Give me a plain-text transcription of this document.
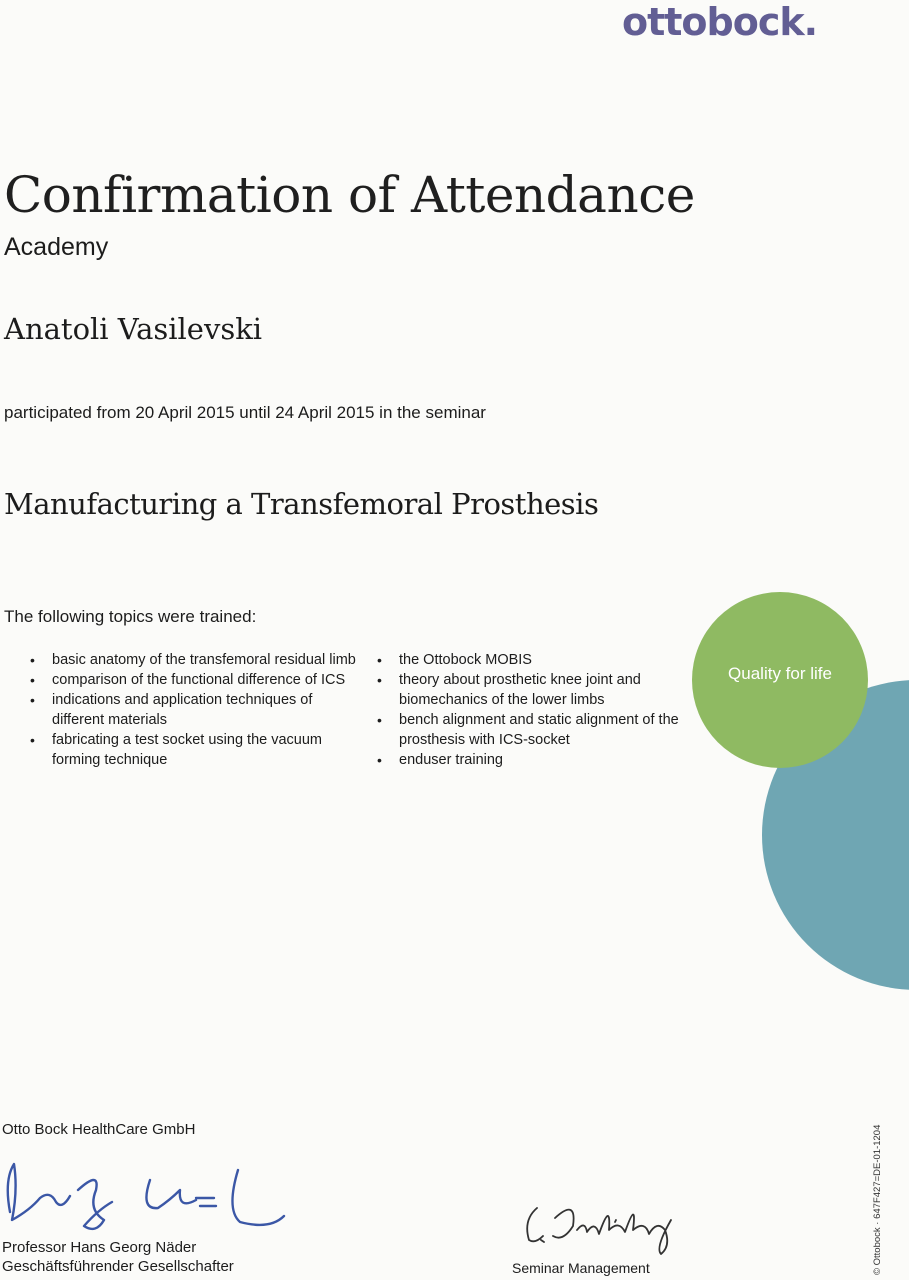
ottobock.
Confirmation of Attendance
Academy
Anatoli Vasilevski
participated from 20 April 2015 until 24 April 2015 in the seminar
Manufacturing a Transfemoral Prosthesis
The following topics were trained:
• basic anatomy of the transfemoral residual limb
• comparison of the functional difference of ICS
• indications and application techniques of different materials
• fabricating a test socket using the vacuum forming technique
• the Ottobock MOBIS
• theory about prosthetic knee joint and biomechanics of the lower limbs
• bench alignment and static alignment of the prosthesis with ICS-socket
• enduser training
Quality for life
Otto Bock HealthCare GmbH
Professor Hans Georg Näder
Geschäftsführender Gesellschafter	Seminar Management	© Ottobock · 647F427=DE-01-1204
